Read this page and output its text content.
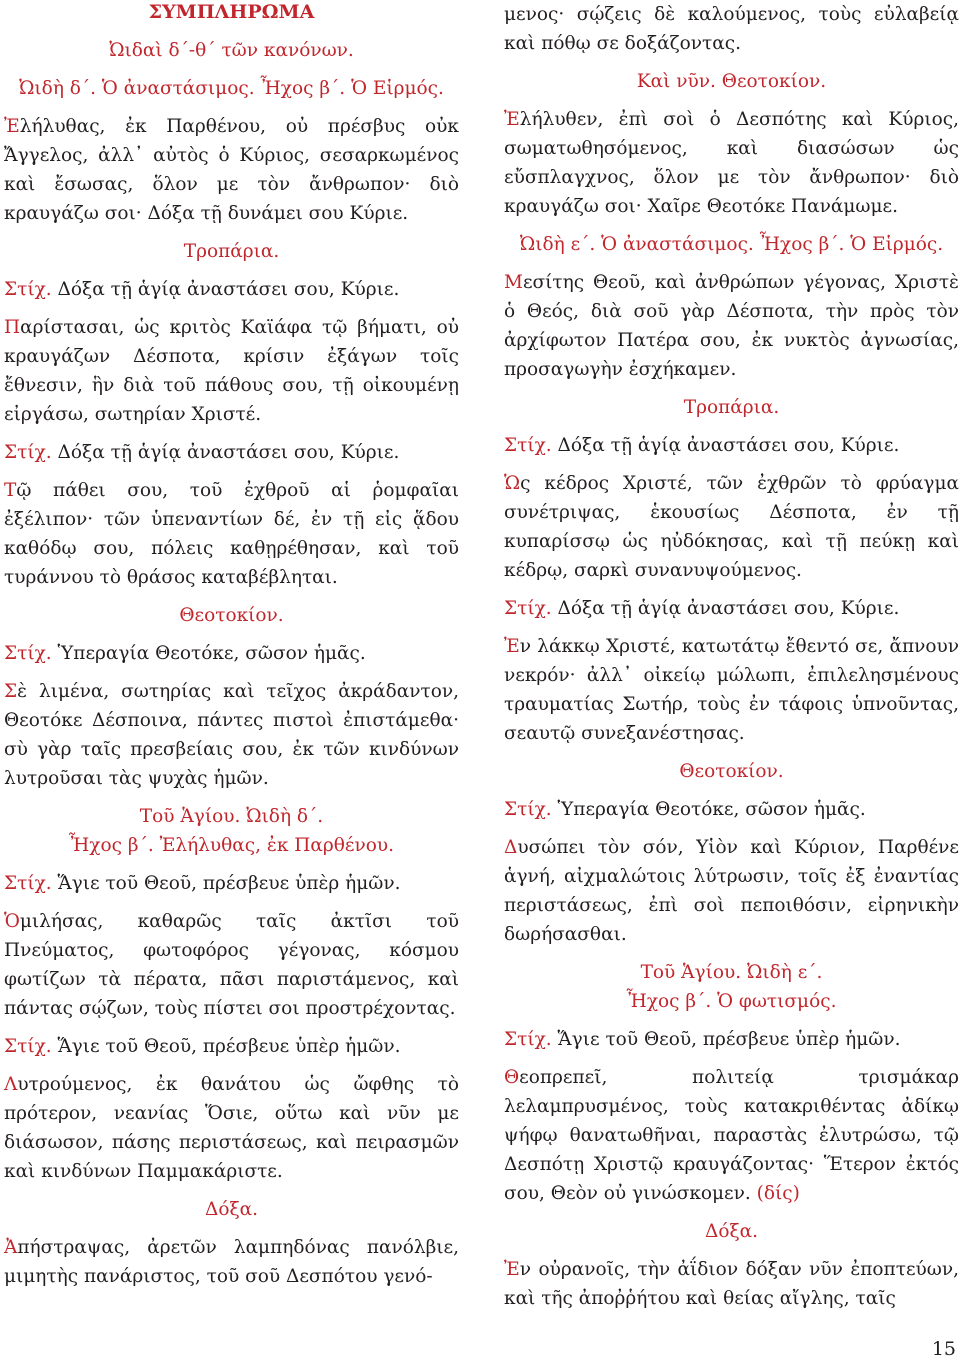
ΣΥΜΠΛΗΡΩΜΑ
Ὠιδαὶ δ΄-θ΄ τῶν κανόνων.
Ὠιδὴ δ΄. Ὁ ἀναστάσιμος. Ἦχος β΄. Ὁ Εἱρμός.
Ἐλήλυθας, ἐκ Παρθένου, οὐ πρέσβυς οὐκ Ἄγγελος, ἀλλ᾽ αὐτὸς ὁ Κύριος, σεσαρκωμένος καὶ ἔσωσας, ὅλον με τὸν ἄνθρωπον· διὸ κραυγάζω σοι· Δόξα τῇ δυνάμει σου Κύριε.
Τροπάρια.
Στίχ. Δόξα τῇ ἁγίᾳ ἀναστάσει σου, Κύριε.
Παρίστασαι, ὡς κριτὸς Καϊάφα τῷ βήματι, οὐ κραυγάζων Δέσποτα, κρίσιν ἐξάγων τοῖς ἔθνεσιν, ἣν διὰ τοῦ πάθους σου, τῇ οἰκουμένῃ εἰργάσω, σωτηρίαν Χριστέ.
Στίχ. Δόξα τῇ ἁγίᾳ ἀναστάσει σου, Κύριε.
Τῷ πάθει σου, τοῦ ἐχθροῦ αἱ ῥομφαῖαι ἐξέλιπον· τῶν ὑπεναντίων δέ, ἐν τῇ εἰς ᾅδου καθόδῳ σου, πόλεις καθῃρέθησαν, καὶ τοῦ τυράννου τὸ θράσος καταβέβληται.
Θεοτοκίον.
Στίχ. Ὑπεραγία Θεοτόκε, σῶσον ἡμᾶς.
Σὲ λιμένα, σωτηρίας καὶ τεῖχος ἀκράδαντον, Θεοτόκε Δέσποινα, πάντες πιστοὶ ἐπιστάμεθα· σὺ γὰρ ταῖς πρεσβείαις σου, ἐκ τῶν κινδύνων λυτροῦσαι τὰς ψυχὰς ἡμῶν.
Τοῦ Ἁγίου. Ὠιδὴ δ΄.
Ἦχος β΄. Ἐλήλυθας, ἐκ Παρθένου.
Στίχ. Ἅγιε τοῦ Θεοῦ, πρέσβευε ὑπὲρ ἡμῶν.
Ὁμιλήσας, καθαρῶς ταῖς ἀκτῖσι τοῦ Πνεύματος, φωτοφόρος γέγονας, κόσμου φωτίζων τὰ πέρατα, πᾶσι παριστάμενος, καὶ πάντας σῴζων, τοὺς πίστει σοι προστρέχοντας.
Στίχ. Ἅγιε τοῦ Θεοῦ, πρέσβευε ὑπὲρ ἡμῶν.
Λυτρούμενος, ἐκ θανάτου ὡς ὤφθης τὸ πρότερον, νεανίας Ὅσιε, οὕτω καὶ νῦν με διάσωσον, πάσης περιστάσεως, καὶ πειρασμῶν καὶ κινδύνων Παμμακάριστε.
Δόξα.
Ἀπήστραψας, ἀρετῶν λαμπηδόνας πανόλβιε, μιμητὴς πανάριστος, τοῦ σοῦ Δεσπότου γενό-
μενος· σῴζεις δὲ καλούμενος, τοὺς εὐλαβείᾳ καὶ πόθῳ σε δοξάζοντας.
Καὶ νῦν. Θεοτοκίον.
Ἐλήλυθεν, ἐπὶ σοὶ ὁ Δεσπότης καὶ Κύριος, σωματωθησόμενος, καὶ διασώσων ὡς εὔσπλαγχνος, ὅλον με τὸν ἄνθρωπον· διὸ κραυγάζω σοι· Χαῖρε Θεοτόκε Πανάμωμε.
Ὠιδὴ ε΄. Ὁ ἀναστάσιμος. Ἦχος β΄. Ὁ Εἱρμός.
Μεσίτης Θεοῦ, καὶ ἀνθρώπων γέγονας, Χριστὲ ὁ Θεός, διὰ σοῦ γὰρ Δέσποτα, τὴν πρὸς τὸν ἀρχίφωτον Πατέρα σου, ἐκ νυκτὸς ἀγνωσίας, προσαγωγὴν ἐσχήκαμεν.
Τροπάρια.
Στίχ. Δόξα τῇ ἁγίᾳ ἀναστάσει σου, Κύριε.
Ὡς κέδρος Χριστέ, τῶν ἐχθρῶν τὸ φρύαγμα συνέτριψας, ἑκουσίως Δέσποτα, ἐν τῇ κυπαρίσσῳ ὡς ηὐδόκησας, καὶ τῇ πεύκῃ καὶ κέδρῳ, σαρκὶ συνανυψούμενος.
Στίχ. Δόξα τῇ ἁγίᾳ ἀναστάσει σου, Κύριε.
Ἐν λάκκῳ Χριστέ, κατωτάτῳ ἔθεντό σε, ἄπνουν νεκρόν· ἀλλ᾽ οἰκείῳ μώλωπι, ἐπιλελησμένους τραυματίας Σωτήρ, τοὺς ἐν τάφοις ὑπνοῦντας, σεαυτῷ συνεξανέστησας.
Θεοτοκίον.
Στίχ. Ὑπεραγία Θεοτόκε, σῶσον ἡμᾶς.
Δυσώπει τὸν σόν, Υἱὸν καὶ Κύριον, Παρθένε ἁγνή, αἰχμαλώτοις λύτρωσιν, τοῖς ἐξ ἐναντίας περιστάσεως, ἐπὶ σοὶ πεποιθόσιν, εἰρηνικὴν δωρήσασθαι.
Τοῦ Ἁγίου. Ὠιδὴ ε΄.
Ἦχος β΄. Ὁ φωτισμός.
Στίχ. Ἅγιε τοῦ Θεοῦ, πρέσβευε ὑπὲρ ἡμῶν.
Θεοπρεπεῖ, πολιτείᾳ τρισμάκαρ λελαμπρυσμένος, τοὺς κατακριθέντας ἀδίκῳ ψήφῳ θανατωθῆναι, παραστὰς ἐλυτρώσω, τῷ Δεσπότῃ Χριστῷ κραυγάζοντας· Ἕτερον ἐκτός σου, Θεὸν οὐ γινώσκομεν. (δίς)
Δόξα.
Ἐν οὐρανοῖς, τὴν ἀΐδιον δόξαν νῦν ἐποπτεύων, καὶ τῆς ἀποῤῥήτου καὶ θείας αἴγλης, ταῖς
15
